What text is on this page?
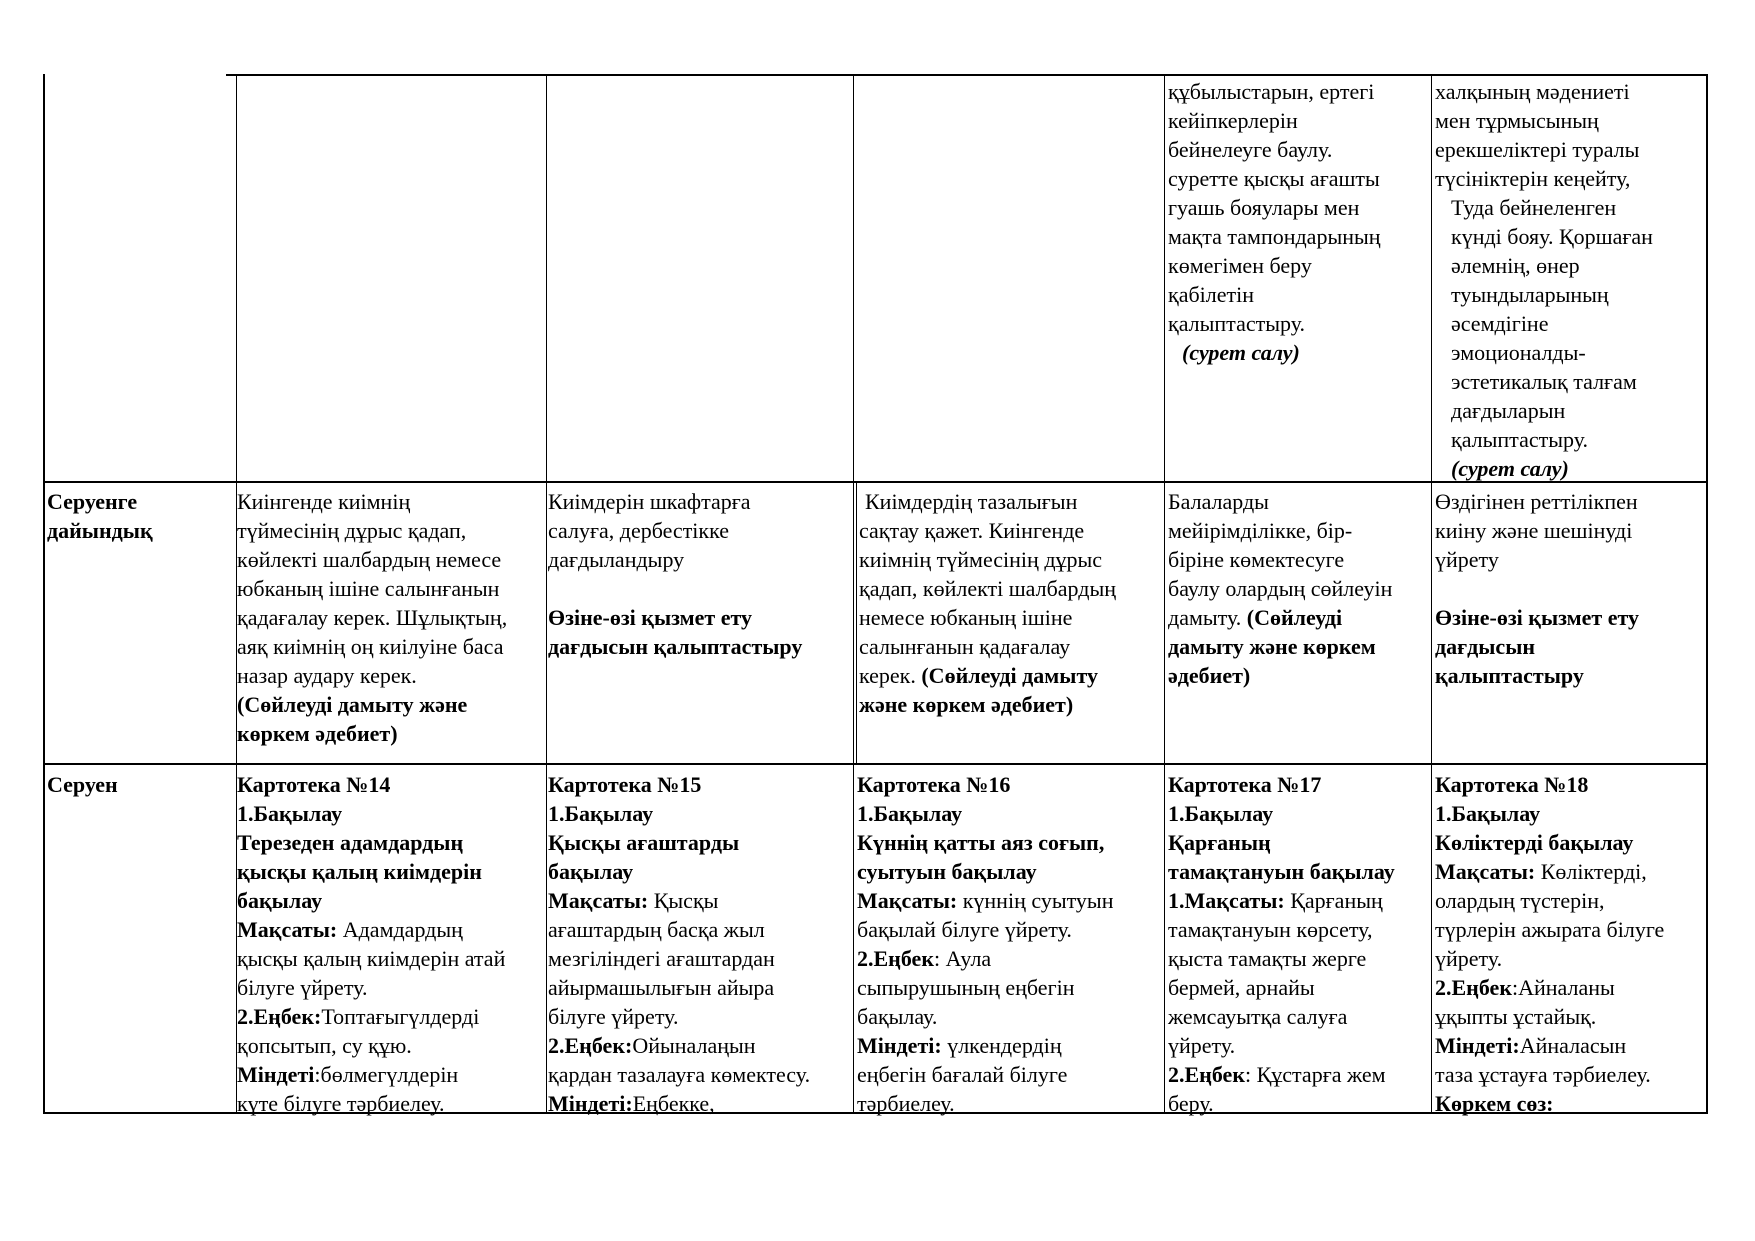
құбылыстарын, ертегі
кейіпкерлерін
бейнелеуге баулу.
суретте қысқы ағашты
гуашь бояулары мен
мақта тампондарының
көмегімен беру
қабілетін
қалыптастыру.
(сурет салу)
халқының мәдениеті
мен тұрмысының
ерекшеліктері туралы
түсініктерін кеңейту,
Туда бейнеленген
күнді бояу. Қоршаған
әлемнің, өнер
туындыларының
әсемдігіне
эмоционалды-
эстетикалық талғам
дағдыларын
қалыптастыру.
(сурет салу)
Серуенге
дайындық
Киінгенде киімнің
түймесінің дұрыс қадап,
көйлекті шалбардың немесе
юбканың ішіне салынғанын
қадағалау керек. Шұлықтың,
аяқ киімнің оң киілуіне баса
назар аудару керек.
(Сөйлеуді дамыту және
көркем әдебиет)
Киімдерін шкафтарға
салуға, дербестікке
дағдыландыру
Өзіне-өзі қызмет ету
дағдысын қалыптастыру
Киімдердің тазалығын
сақтау қажет. Киінгенде
киімнің түймесінің дұрыс
қадап, көйлекті шалбардың
немесе юбканың ішіне
салынғанын қадағалау
керек. (Сөйлеуді дамыту
және көркем әдебиет)
Балаларды
мейірімділікке, бір-
біріне көмектесуге
баулу олардың сөйлеуін
дамыту. (Сөйлеуді
дамыту және көркем
әдебиет)
Өздігінен реттілікпен
киіну және шешінуді
үйрету
Өзіне-өзі қызмет ету
дағдысын
қалыптастыру
Серуен	Картотека №14
1.Бақылау
Терезеден адамдардың
қысқы қалың киімдерін
бақылау
Мақсаты: Адамдардың
қысқы қалың киімдерін атай
білуге үйрету.
2.Еңбек:Топтағыгүлдерді
қопсытып, су құю.
Міндеті:бөлмегүлдерін
күте білуге тәрбиелеу.
Картотека №15
1.Бақылау
Қысқы ағаштарды
бақылау
Мақсаты: Қысқы
ағаштардың басқа жыл
мезгіліндегі ағаштардан
айырмашылығын айыра
білуге үйрету.
2.Еңбек:Ойыналаңын
қардан тазалауға көмектесу.
Міндеті:Еңбекке,
Картотека №16
1.Бақылау
Күннің қатты аяз соғып,
суытуын бақылау
Мақсаты: күннің суытуын
бақылай білуге үйрету.
2.Еңбек: Аула
сыпырушының еңбегін
бақылау.
Міндеті: үлкендердің
еңбегін бағалай білуге
тәрбиелеу.
Картотека №17
1.Бақылау
Қарғаның
тамақтануын бақылау
1.Мақсаты: Қарғаның
тамақтануын көрсету,
қыста тамақты жерге
бермей, арнайы
жемсауытқа салуға
үйрету.
2.Еңбек: Құстарға жем
беру.
Картотека №18
1.Бақылау
Көліктерді бақылау
Мақсаты: Көліктерді,
олардың түстерін,
түрлерін ажырата білуге
үйрету.
2.Еңбек:Айналаны
ұқыпты ұстайық.
Міндеті:Айналасын
таза ұстауға тәрбиелеу.
Көркем сөз:
